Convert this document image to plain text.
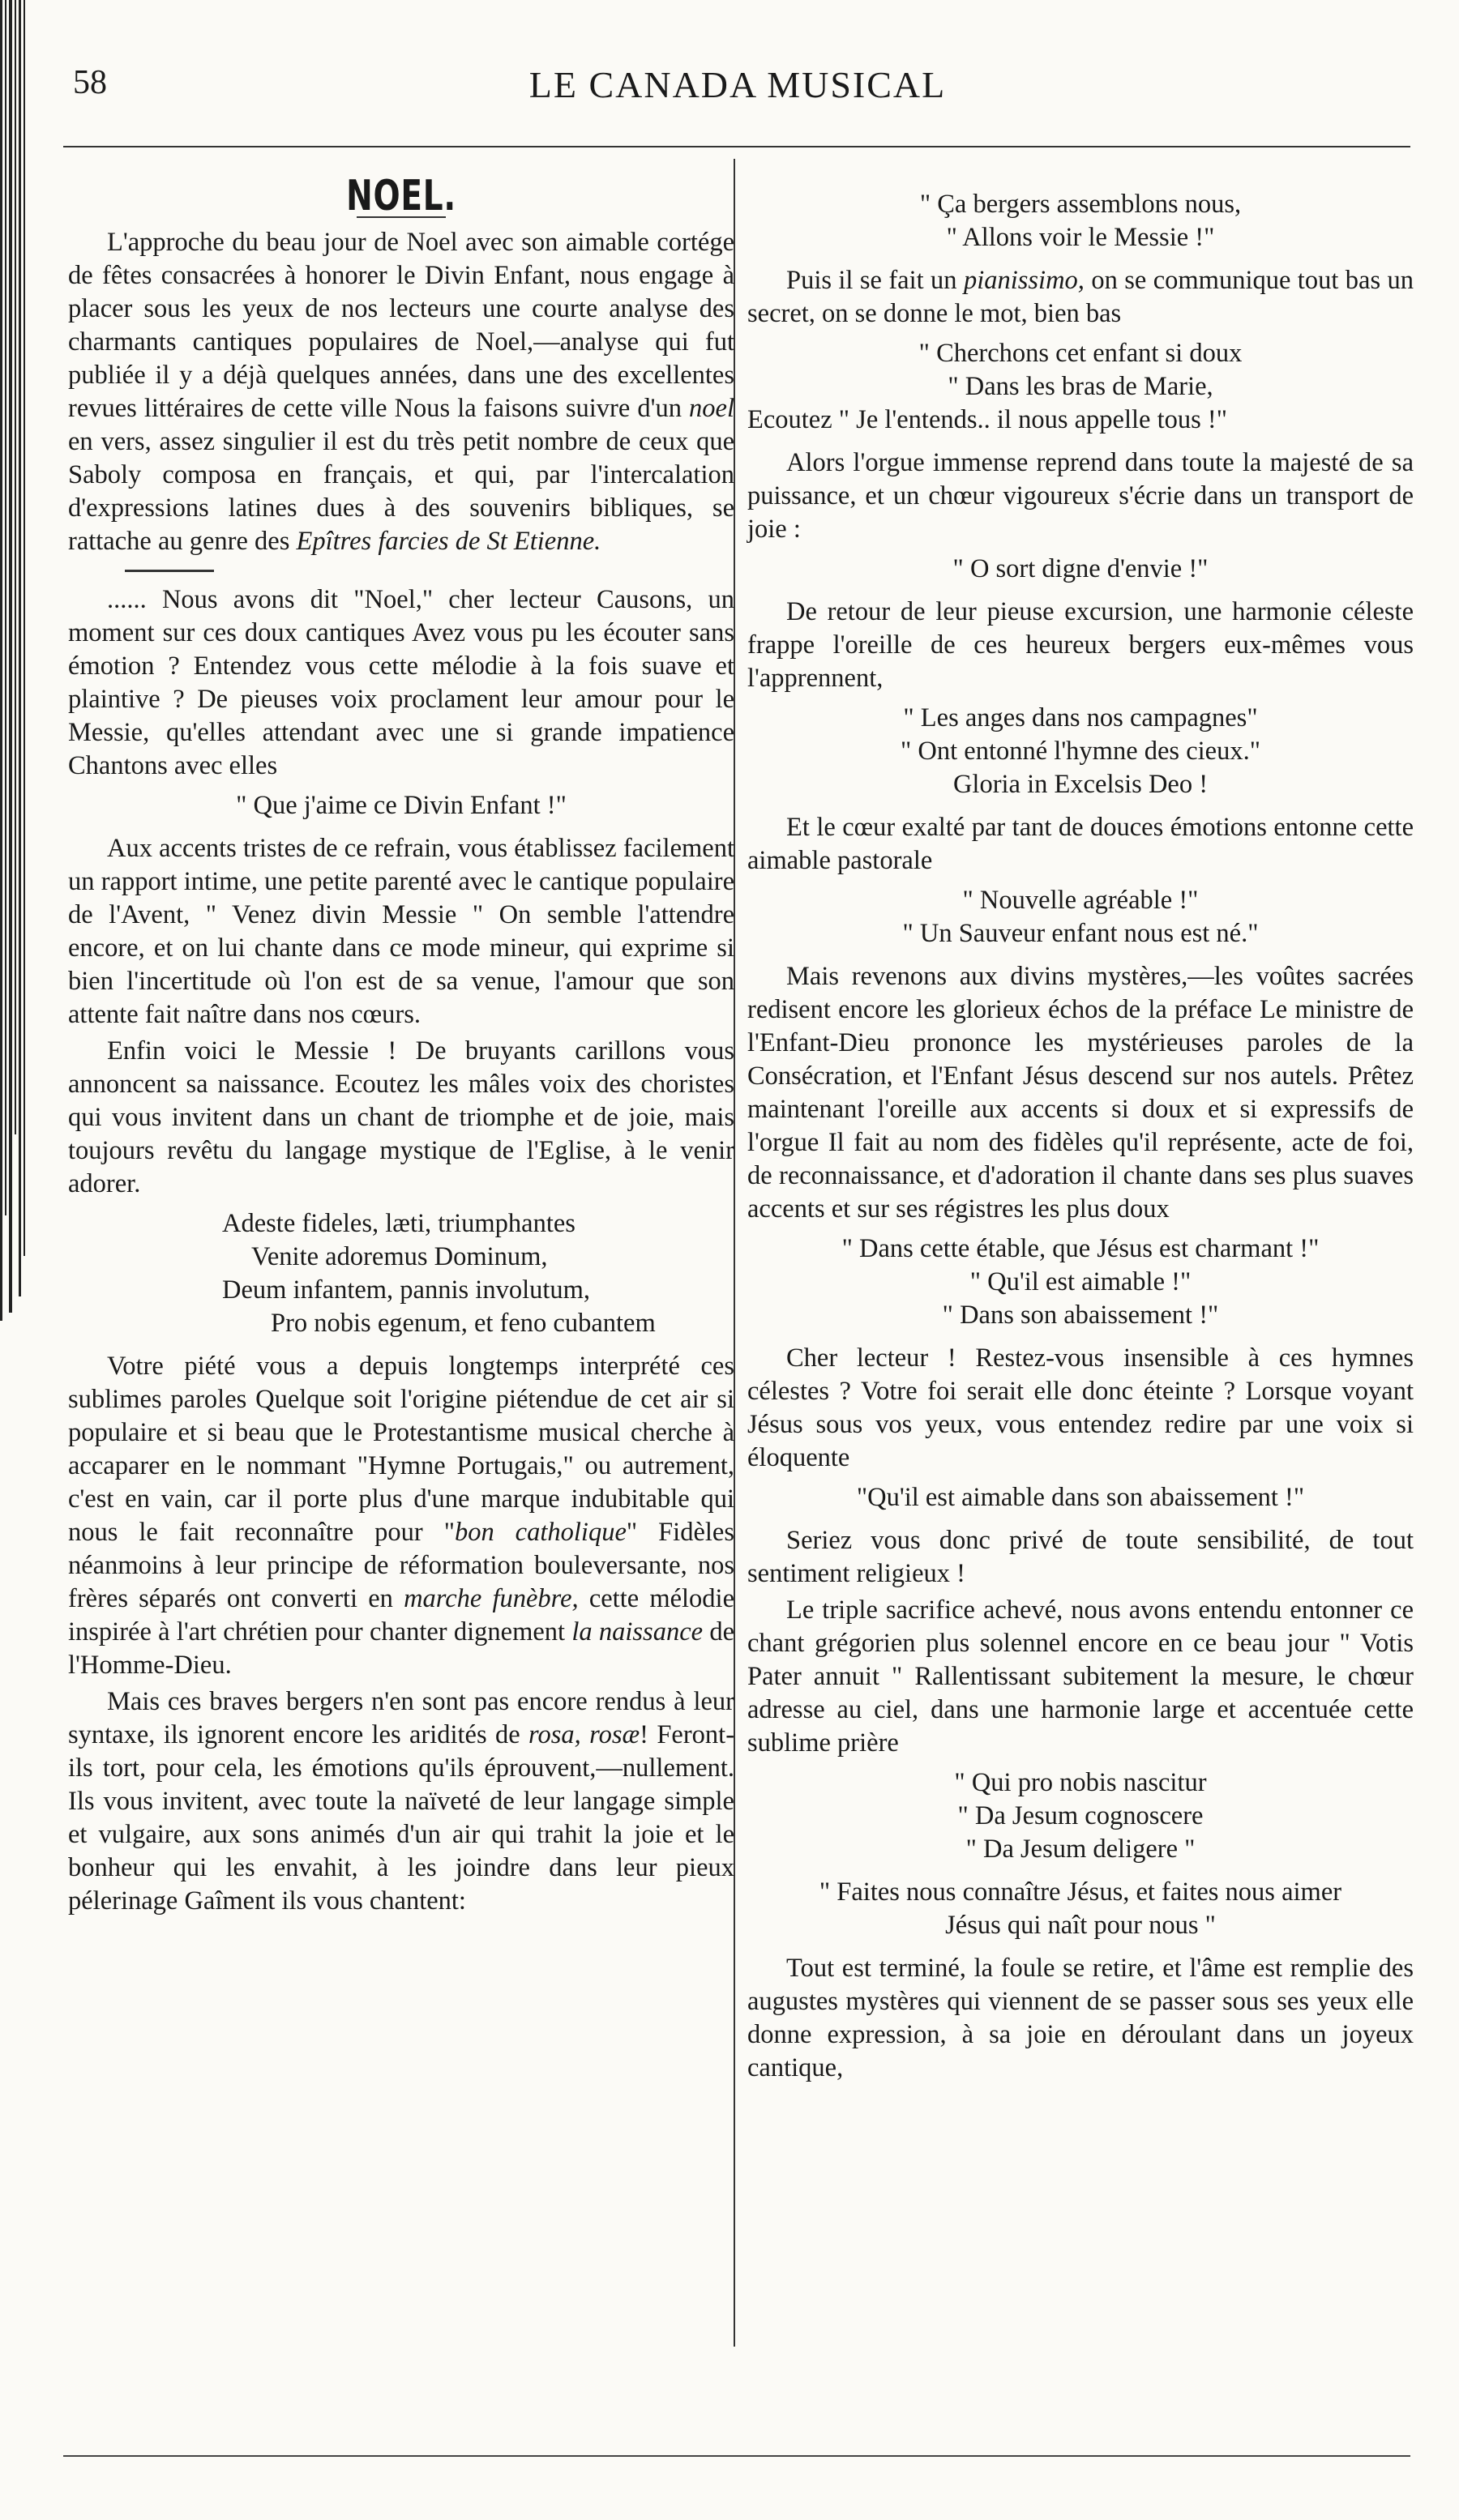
58	LE CANADA MUSICAL
NOEL.

L'approche du beau jour de Noel avec son aimable cortége de fêtes consacrées à honorer le Divin Enfant, nous engage à placer sous les yeux de nos lecteurs une courte analyse des charmants cantiques populaires de Noel,—analyse qui fut publiée il y a déjà quelques années, dans une des excellentes revues littéraires de cette ville Nous la faisons suivre d'un noel en vers, assez singulier il est du très petit nombre de ceux que Saboly composa en français, et qui, par l'intercalation d'expressions latines dues à des souvenirs bibliques, se rattache au genre des Epîtres farcies de St Etienne.

...... Nous avons dit "Noel," cher lecteur Causons, un moment sur ces doux cantiques Avez vous pu les écouter sans émotion ? Entendez vous cette mélodie à la fois suave et plaintive ? De pieuses voix proclament leur amour pour le Messie, qu'elles attendant avec une si grande impatience Chantons avec elles

" Que j'aime ce Divin Enfant !"

Aux accents tristes de ce refrain, vous établissez facilement un rapport intime, une petite parenté avec le cantique populaire de l'Avent, " Venez divin Messie " On semble l'attendre encore, et on lui chante dans ce mode mineur, qui exprime si bien l'incertitude où l'on est de sa venue, l'amour que son attente fait naître dans nos cœurs.

Enfin voici le Messie ! De bruyants carillons vous annoncent sa naissance. Ecoutez les mâles voix des choristes qui vous invitent dans un chant de triomphe et de joie, mais toujours revêtu du langage mystique de l'Eglise, à le venir adorer.

Adeste fideles, læti, triumphantes
Venite adoremus Dominum,
Deum infantem, pannis involutum,
Pro nobis egenum, et feno cubantem

Votre piété vous a depuis longtemps interprété ces sublimes paroles Quelque soit l'origine piétendue de cet air si populaire et si beau que le Protestantisme musical cherche à accaparer en le nommant "Hymne Portugais," ou autrement, c'est en vain, car il porte plus d'une marque indubitable qui nous le fait reconnaître pour "bon catholique" Fidèles néanmoins à leur principe de réformation bouleversante, nos frères séparés ont converti en marche funèbre, cette mélodie inspirée à l'art chrétien pour chanter dignement la naissance de l'Homme-Dieu.

Mais ces braves bergers n'en sont pas encore rendus à leur syntaxe, ils ignorent encore les aridités de rosa, rosæ! Feront-ils tort, pour cela, les émotions qu'ils éprouvent,—nullement. Ils vous invitent, avec toute la naïveté de leur langage simple et vulgaire, aux sons animés d'un air qui trahit la joie et le bonheur qui les envahit, à les joindre dans leur pieux pélerinage Gaîment ils vous chantent:

" Ça bergers assemblons nous,
" Allons voir le Messie !"

Puis il se fait un pianissimo, on se communique tout bas un secret, on se donne le mot, bien bas

" Cherchons cet enfant si doux
" Dans les bras de Marie,
Ecoutez " Je l'entends.. il nous appelle tous !"

Alors l'orgue immense reprend dans toute la majesté de sa puissance, et un chœur vigoureux s'écrie dans un transport de joie :

" O sort digne d'envie !"

De retour de leur pieuse excursion, une harmonie céleste frappe l'oreille de ces heureux bergers eux-mêmes vous l'apprennent,

" Les anges dans nos campagnes"
" Ont entonné l'hymne des cieux."
Gloria in Excelsis Deo !

Et le cœur exalté par tant de douces émotions entonne cette aimable pastorale

" Nouvelle agréable !"
" Un Sauveur enfant nous est né."

Mais revenons aux divins mystères,—les voûtes sacrées redisent encore les glorieux échos de la préface Le ministre de l'Enfant-Dieu prononce les mystérieuses paroles de la Consécration, et l'Enfant Jésus descend sur nos autels. Prêtez maintenant l'oreille aux accents si doux et si expressifs de l'orgue Il fait au nom des fidèles qu'il représente, acte de foi, de reconnaissance, et d'adoration il chante dans ses plus suaves accents et sur ses régistres les plus doux

" Dans cette étable, que Jésus est charmant !"
" Qu'il est aimable !"
" Dans son abaissement !"

Cher lecteur ! Restez-vous insensible à ces hymnes célestes ? Votre foi serait elle donc éteinte ? Lorsque voyant Jésus sous vos yeux, vous entendez redire par une voix si éloquente

"Qu'il est aimable dans son abaissement !"

Seriez vous donc privé de toute sensibilité, de tout sentiment religieux !

Le triple sacrifice achevé, nous avons entendu entonner ce chant grégorien plus solennel encore en ce beau jour " Votis Pater annuit " Rallentissant subitement la mesure, le chœur adresse au ciel, dans une harmonie large et accentuée cette sublime prière

" Qui pro nobis nascitur
" Da Jesum cognoscere
" Da Jesum deligere "
" Faites nous connaître Jésus, et faites nous aimer
Jésus qui naît pour nous "

Tout est terminé, la foule se retire, et l'âme est remplie des augustes mystères qui viennent de se passer sous ses yeux elle donne expression, à sa joie en déroulant dans un joyeux cantique,
